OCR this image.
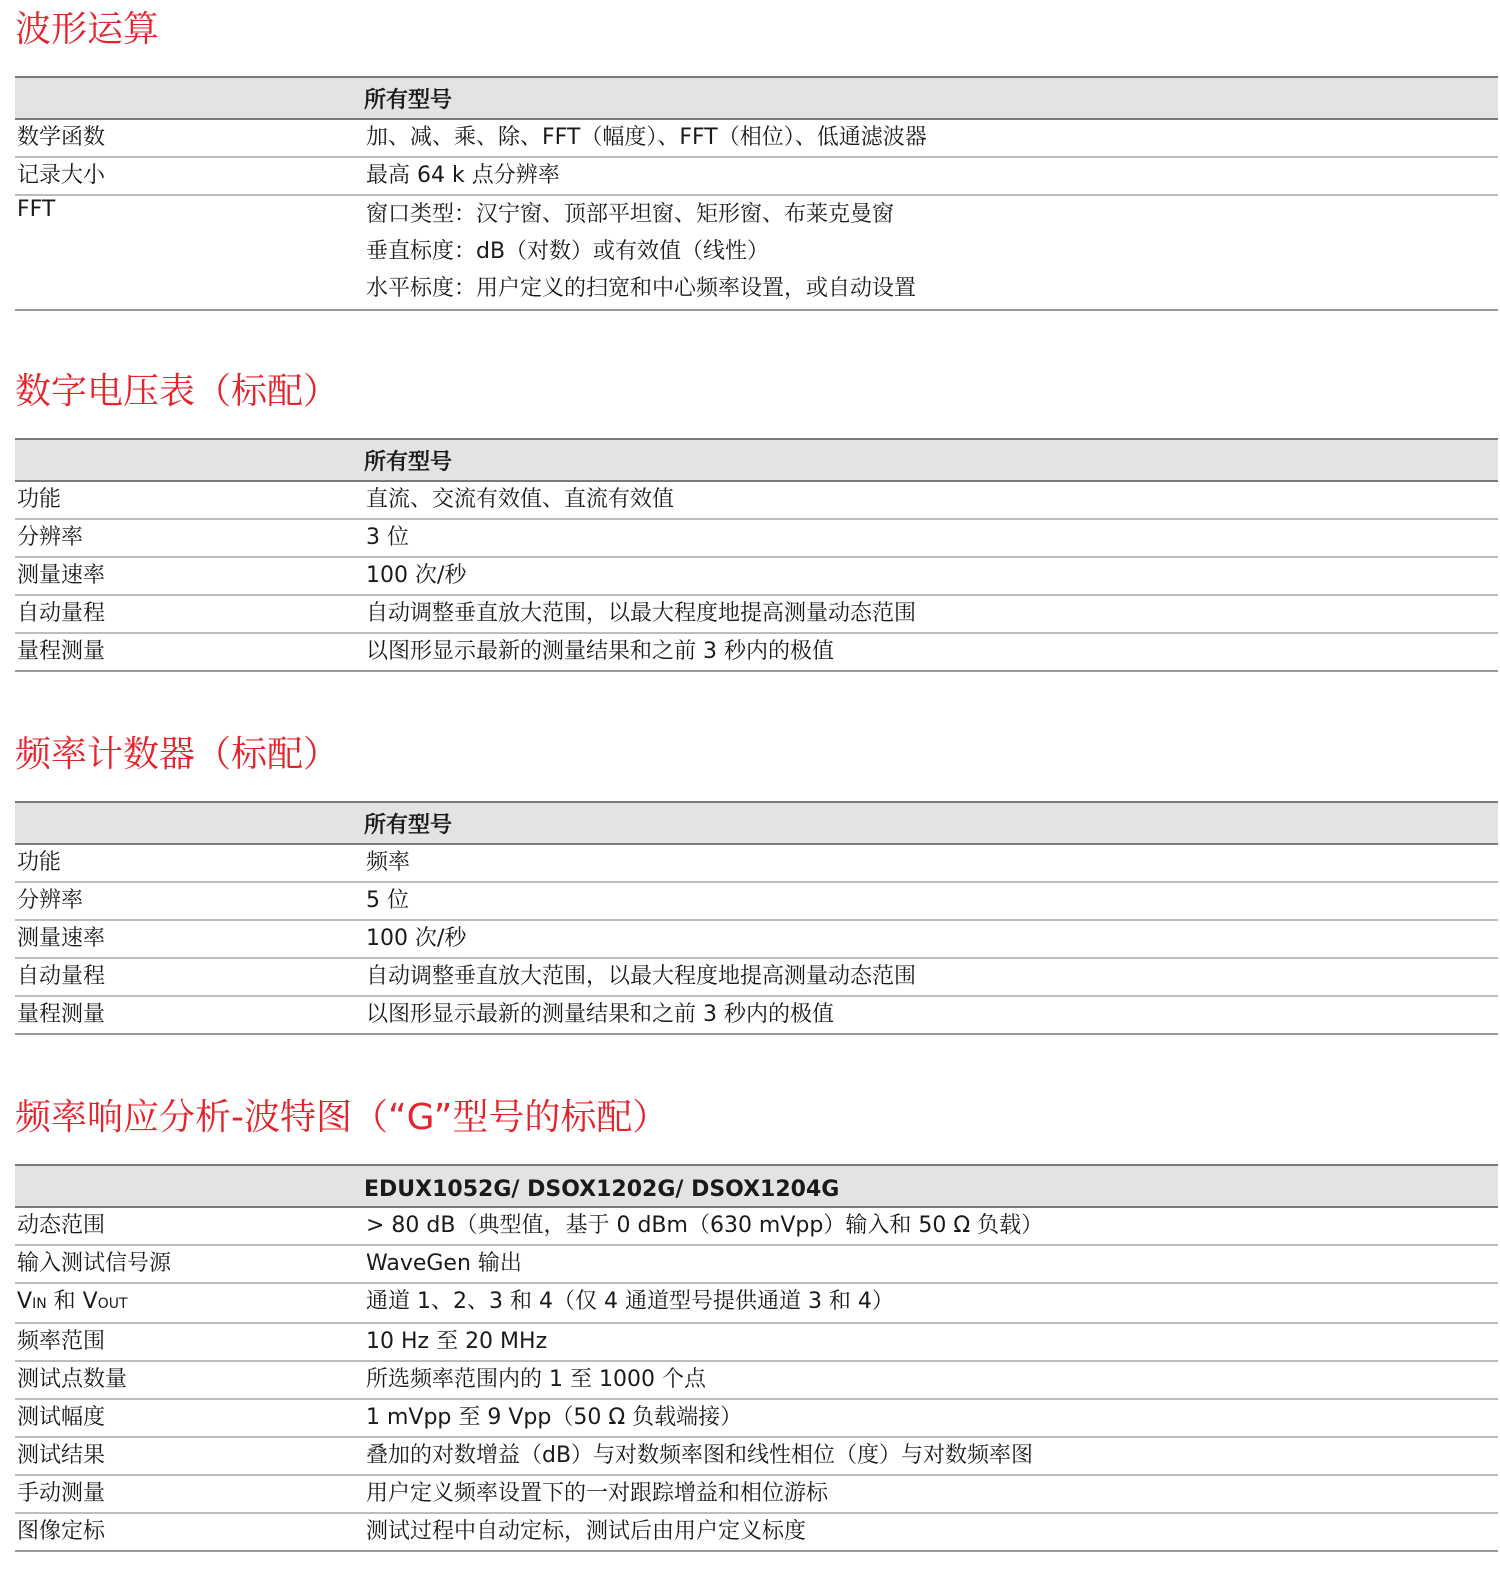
波形运算
	所有型号
数学函数	加、减、乘、除、FFT（幅度）、FFT（相位）、低通滤波器
记录大小	最高 64 k 点分辨率
FFT	窗口类型：汉宁窗、顶部平坦窗、矩形窗、布莱克曼窗
垂直标度：dB（对数）或有效值（线性）
水平标度：用户定义的扫宽和中心频率设置，或自动设置
数字电压表（标配）
	所有型号
功能	直流、交流有效值、直流有效值
分辨率	3 位
测量速率	100 次/秒
自动量程	自动调整垂直放大范围，以最大程度地提高测量动态范围
量程测量	以图形显示最新的测量结果和之前 3 秒内的极值
频率计数器（标配）
	所有型号
功能	频率
分辨率	5 位
测量速率	100 次/秒
自动量程	自动调整垂直放大范围，以最大程度地提高测量动态范围
量程测量	以图形显示最新的测量结果和之前 3 秒内的极值
频率响应分析-波特图（“G”型号的标配）
	EDUX1052G/ DSOX1202G/ DSOX1204G
动态范围	> 80 dB（典型值，基于 0 dBm（630 mVpp）输入和 50 Ω 负载）
输入测试信号源	WaveGen 输出
VIN 和 VOUT	通道 1、2、3 和 4（仅 4 通道型号提供通道 3 和 4）
频率范围	10 Hz 至 20 MHz
测试点数量	所选频率范围内的 1 至 1000 个点
测试幅度	1 mVpp 至 9 Vpp（50 Ω 负载端接）
测试结果	叠加的对数增益（dB）与对数频率图和线性相位（度）与对数频率图
手动测量	用户定义频率设置下的一对跟踪增益和相位游标
图像定标	测试过程中自动定标，测试后由用户定义标度
